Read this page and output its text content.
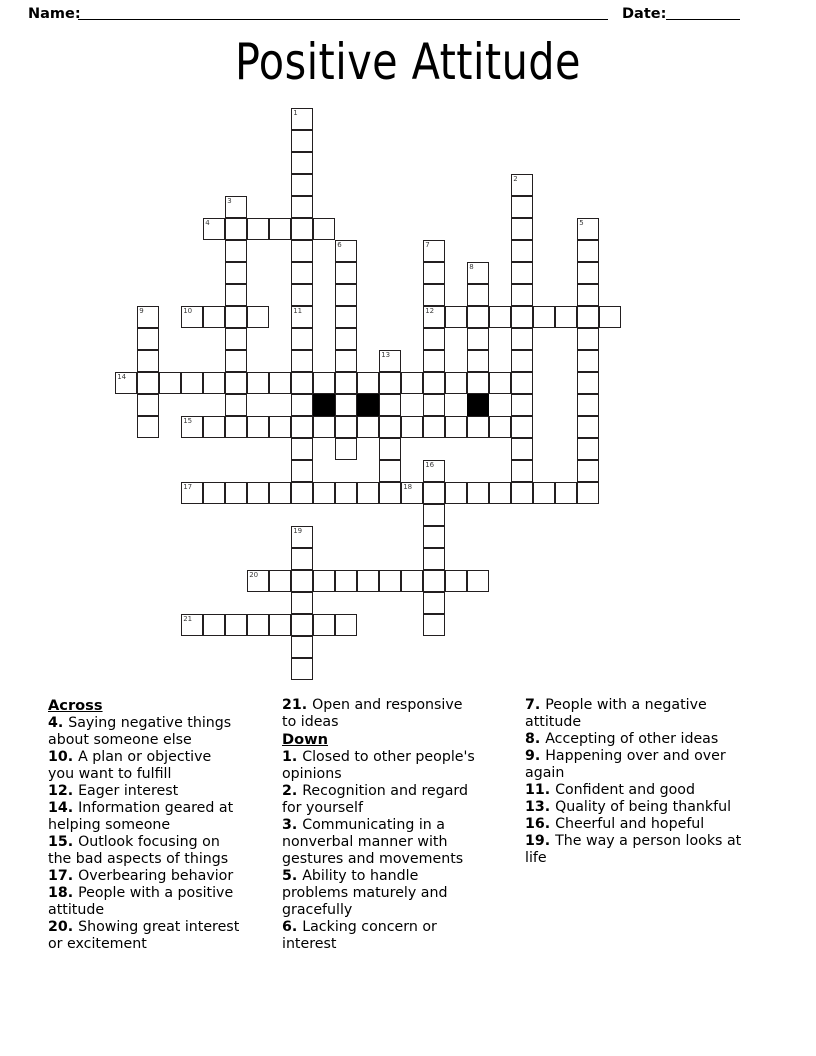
Name:	Date:
Positive Attitude
1
2
3
4	5
6	7
8
9	10	11	12
13
14
15
16
17	18
19
20
21
Across
4. Saying negative things about someone else
10. A plan or objective you want to fulfill
12. Eager interest
14. Information geared at helping someone
15. Outlook focusing on the bad aspects of things
17. Overbearing behavior
18. People with a positive attitude
20. Showing great interest or excitement
21. Open and responsive to ideas
Down
1. Closed to other people's opinions
2. Recognition and regard for yourself
3. Communicating in a nonverbal manner with gestures and movements
5. Ability to handle problems maturely and gracefully
6. Lacking concern or interest
7. People with a negative attitude
8. Accepting of other ideas
9. Happening over and over again
11. Confident and good
13. Quality of being thankful
16. Cheerful and hopeful
19. The way a person looks at life
